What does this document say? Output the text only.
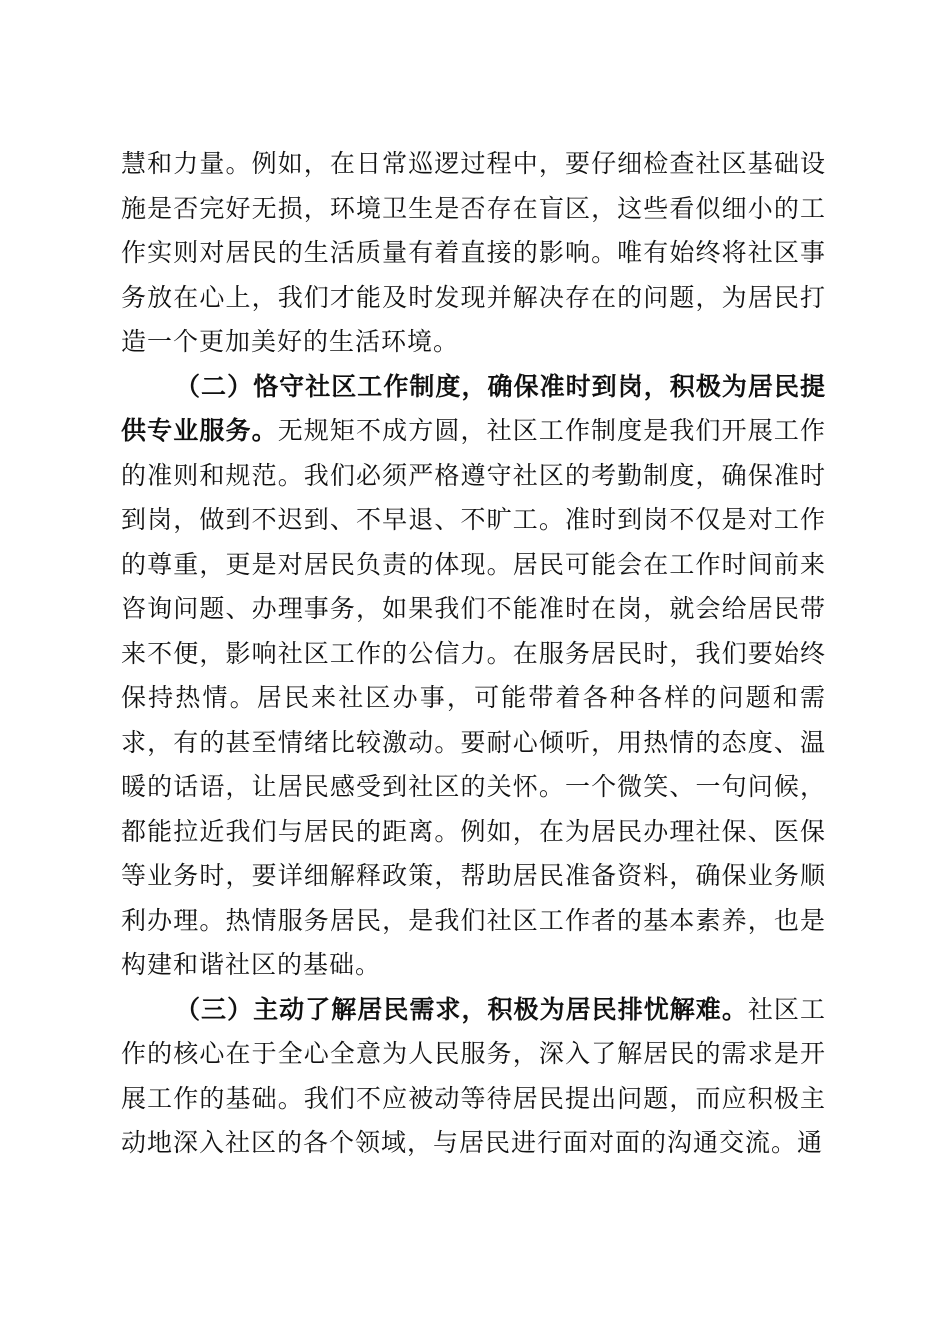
慧和力量。例如，在日常巡逻过程中，要仔细检查社区基础设施是否完好无损，环境卫生是否存在盲区，这些看似细小的工作实则对居民的生活质量有着直接的影响。唯有始终将社区事务放在心上，我们才能及时发现并解决存在的问题，为居民打造一个更加美好的生活环境。

（二）恪守社区工作制度，确保准时到岗，积极为居民提供专业服务。无规矩不成方圆，社区工作制度是我们开展工作的准则和规范。我们必须严格遵守社区的考勤制度，确保准时到岗，做到不迟到、不早退、不旷工。准时到岗不仅是对工作的尊重，更是对居民负责的体现。居民可能会在工作时间前来咨询问题、办理事务，如果我们不能准时在岗，就会给居民带来不便，影响社区工作的公信力。在服务居民时，我们要始终保持热情。居民来社区办事，可能带着各种各样的问题和需求，有的甚至情绪比较激动。要耐心倾听，用热情的态度、温暖的话语，让居民感受到社区的关怀。一个微笑、一句问候，都能拉近我们与居民的距离。例如，在为居民办理社保、医保等业务时，要详细解释政策，帮助居民准备资料，确保业务顺利办理。热情服务居民，是我们社区工作者的基本素养，也是构建和谐社区的基础。

（三）主动了解居民需求，积极为居民排忧解难。社区工作的核心在于全心全意为人民服务，深入了解居民的需求是开展工作的基础。我们不应被动等待居民提出问题，而应积极主动地深入社区的各个领域，与居民进行面对面的沟通交流。通
